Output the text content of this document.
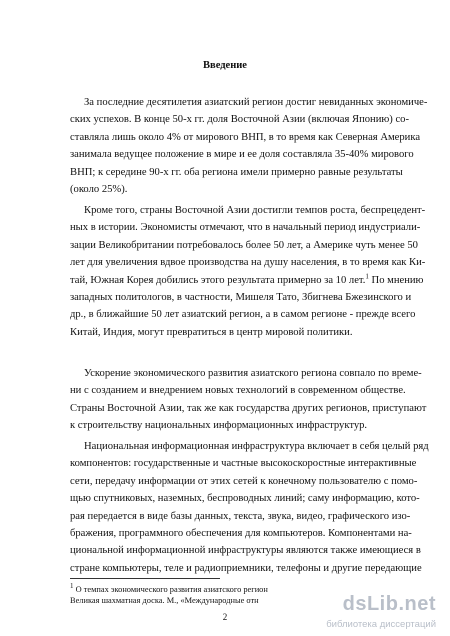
Введение
За последние десятилетия азиатский регион достиг невиданных экономиче-
ских успехов. В конце 50-х гг. доля Восточной Азии (включая Японию) со-
ставляла лишь около 4% от мирового ВНП, в то время как Северная Америка
занимала ведущее положение в мире и ее доля составляла 35-40% мирового
ВНП; к середине 90-х гг. оба региона имели примерно равные результаты
(около 25%).
Кроме того, страны Восточной Азии достигли темпов роста, беспрецедент-
ных в истории. Экономисты отмечают, что в начальный период индустриали-
зации Великобритании потребовалось более 50 лет, а Америке чуть менее 50
лет для увеличения вдвое производства на душу населения, в то время как Ки-
тай, Южная Корея добились этого результата примерно за 10 лет.$^1$ По мнению
западных политологов, в частности, Мишеля Тато, Збигнева Бжезинского и
др., в ближайшие 50 лет азиатский регион, а в самом регионе - прежде всего
Китай, Индия, могут превратиться в центр мировой политики.
Ускорение экономического развития азиатского региона совпало по време-
ни с созданием и внедрением новых технологий в современном обществе.
Страны Восточной Азии, так же как государства других регионов, приступают
к строительству национальных информационных инфраструктур.
Национальная информационная инфраструктура включает в себя целый ряд
компонентов: государственные и частные высокоскоростные интерактивные
сети, передачу информации от этих сетей к конечному пользователю с помо-
щью спутниковых, наземных, беспроводных линий; саму информацию, кото-
рая передается в виде базы данных, текста, звука, видео, графического изо-
бражения, программного обеспечения для компьютеров. Компонентами на-
циональной информационной инфраструктуры являются также имеющиеся в
стране компьютеры, теле и радиоприемники, телефоны и другие передающие
$^1$ О темпах экономического развития азиатского регион
Великая шахматная доска. М., «Международные отн
2
dsLib.net
библиотека диссертаций
